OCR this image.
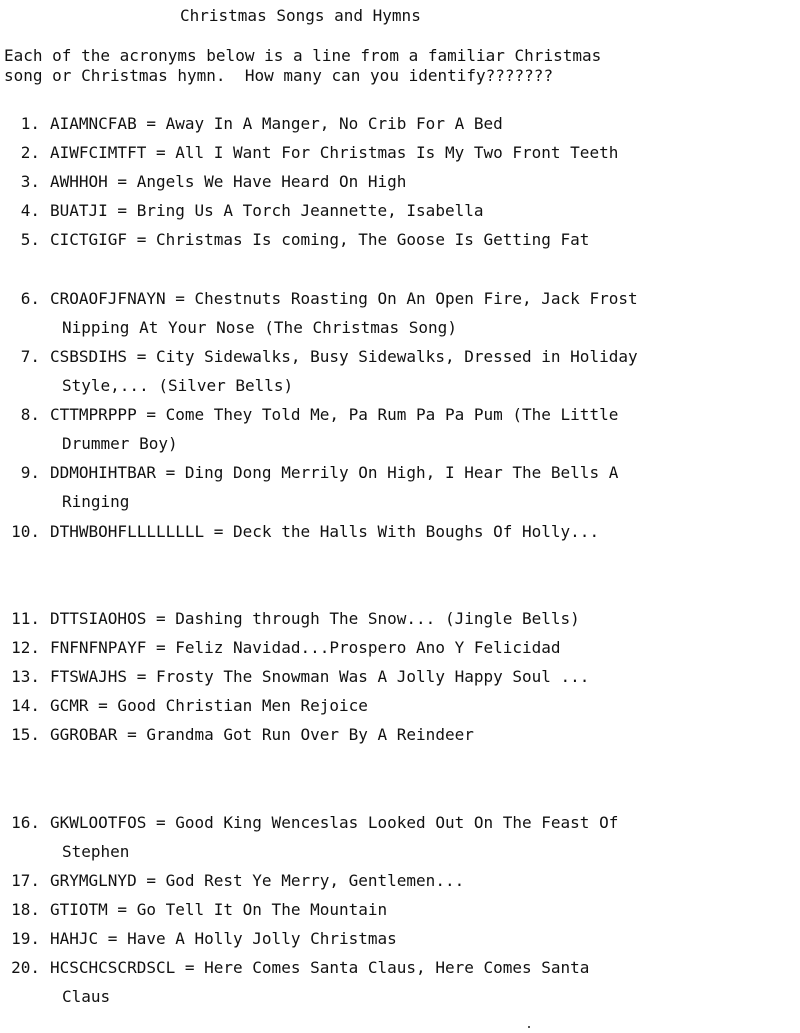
Christmas Songs and Hymns
Each of the acronyms below is a line from a familiar Christmas
song or Christmas hymn.  How many can you identify???????
1. AIAMNCFAB = Away In A Manger, No Crib For A Bed
2. AIWFCIMTFT = All I Want For Christmas Is My Two Front Teeth
3. AWHHOH = Angels We Have Heard On High
4. BUATJI = Bring Us A Torch Jeannette, Isabella
5. CICTGIGF = Christmas Is coming, The Goose Is Getting Fat
6. CROAOFJFNAYN = Chestnuts Roasting On An Open Fire, Jack Frost
Nipping At Your Nose (The Christmas Song)
7. CSBSDIHS = City Sidewalks, Busy Sidewalks, Dressed in Holiday
Style,... (Silver Bells)
8. CTTMPRPPP = Come They Told Me, Pa Rum Pa Pa Pum (The Little
Drummer Boy)
9. DDMOHIHTBAR = Ding Dong Merrily On High, I Hear The Bells A
Ringing
10. DTHWBOHFLLLLLLLL = Deck the Halls With Boughs Of Holly...
11. DTTSIAOHOS = Dashing through The Snow... (Jingle Bells)
12. FNFNFNPAYF = Feliz Navidad...Prospero Ano Y Felicidad
13. FTSWAJHS = Frosty The Snowman Was A Jolly Happy Soul ...
14. GCMR = Good Christian Men Rejoice
15. GGROBAR = Grandma Got Run Over By A Reindeer
16. GKWLOOTFOS = Good King Wenceslas Looked Out On The Feast Of
Stephen
17. GRYMGLNYD = God Rest Ye Merry, Gentlemen...
18. GTIOTM = Go Tell It On The Mountain
19. HAHJC = Have A Holly Jolly Christmas
20. HCSCHCSCRDSCL = Here Comes Santa Claus, Here Comes Santa
Claus
